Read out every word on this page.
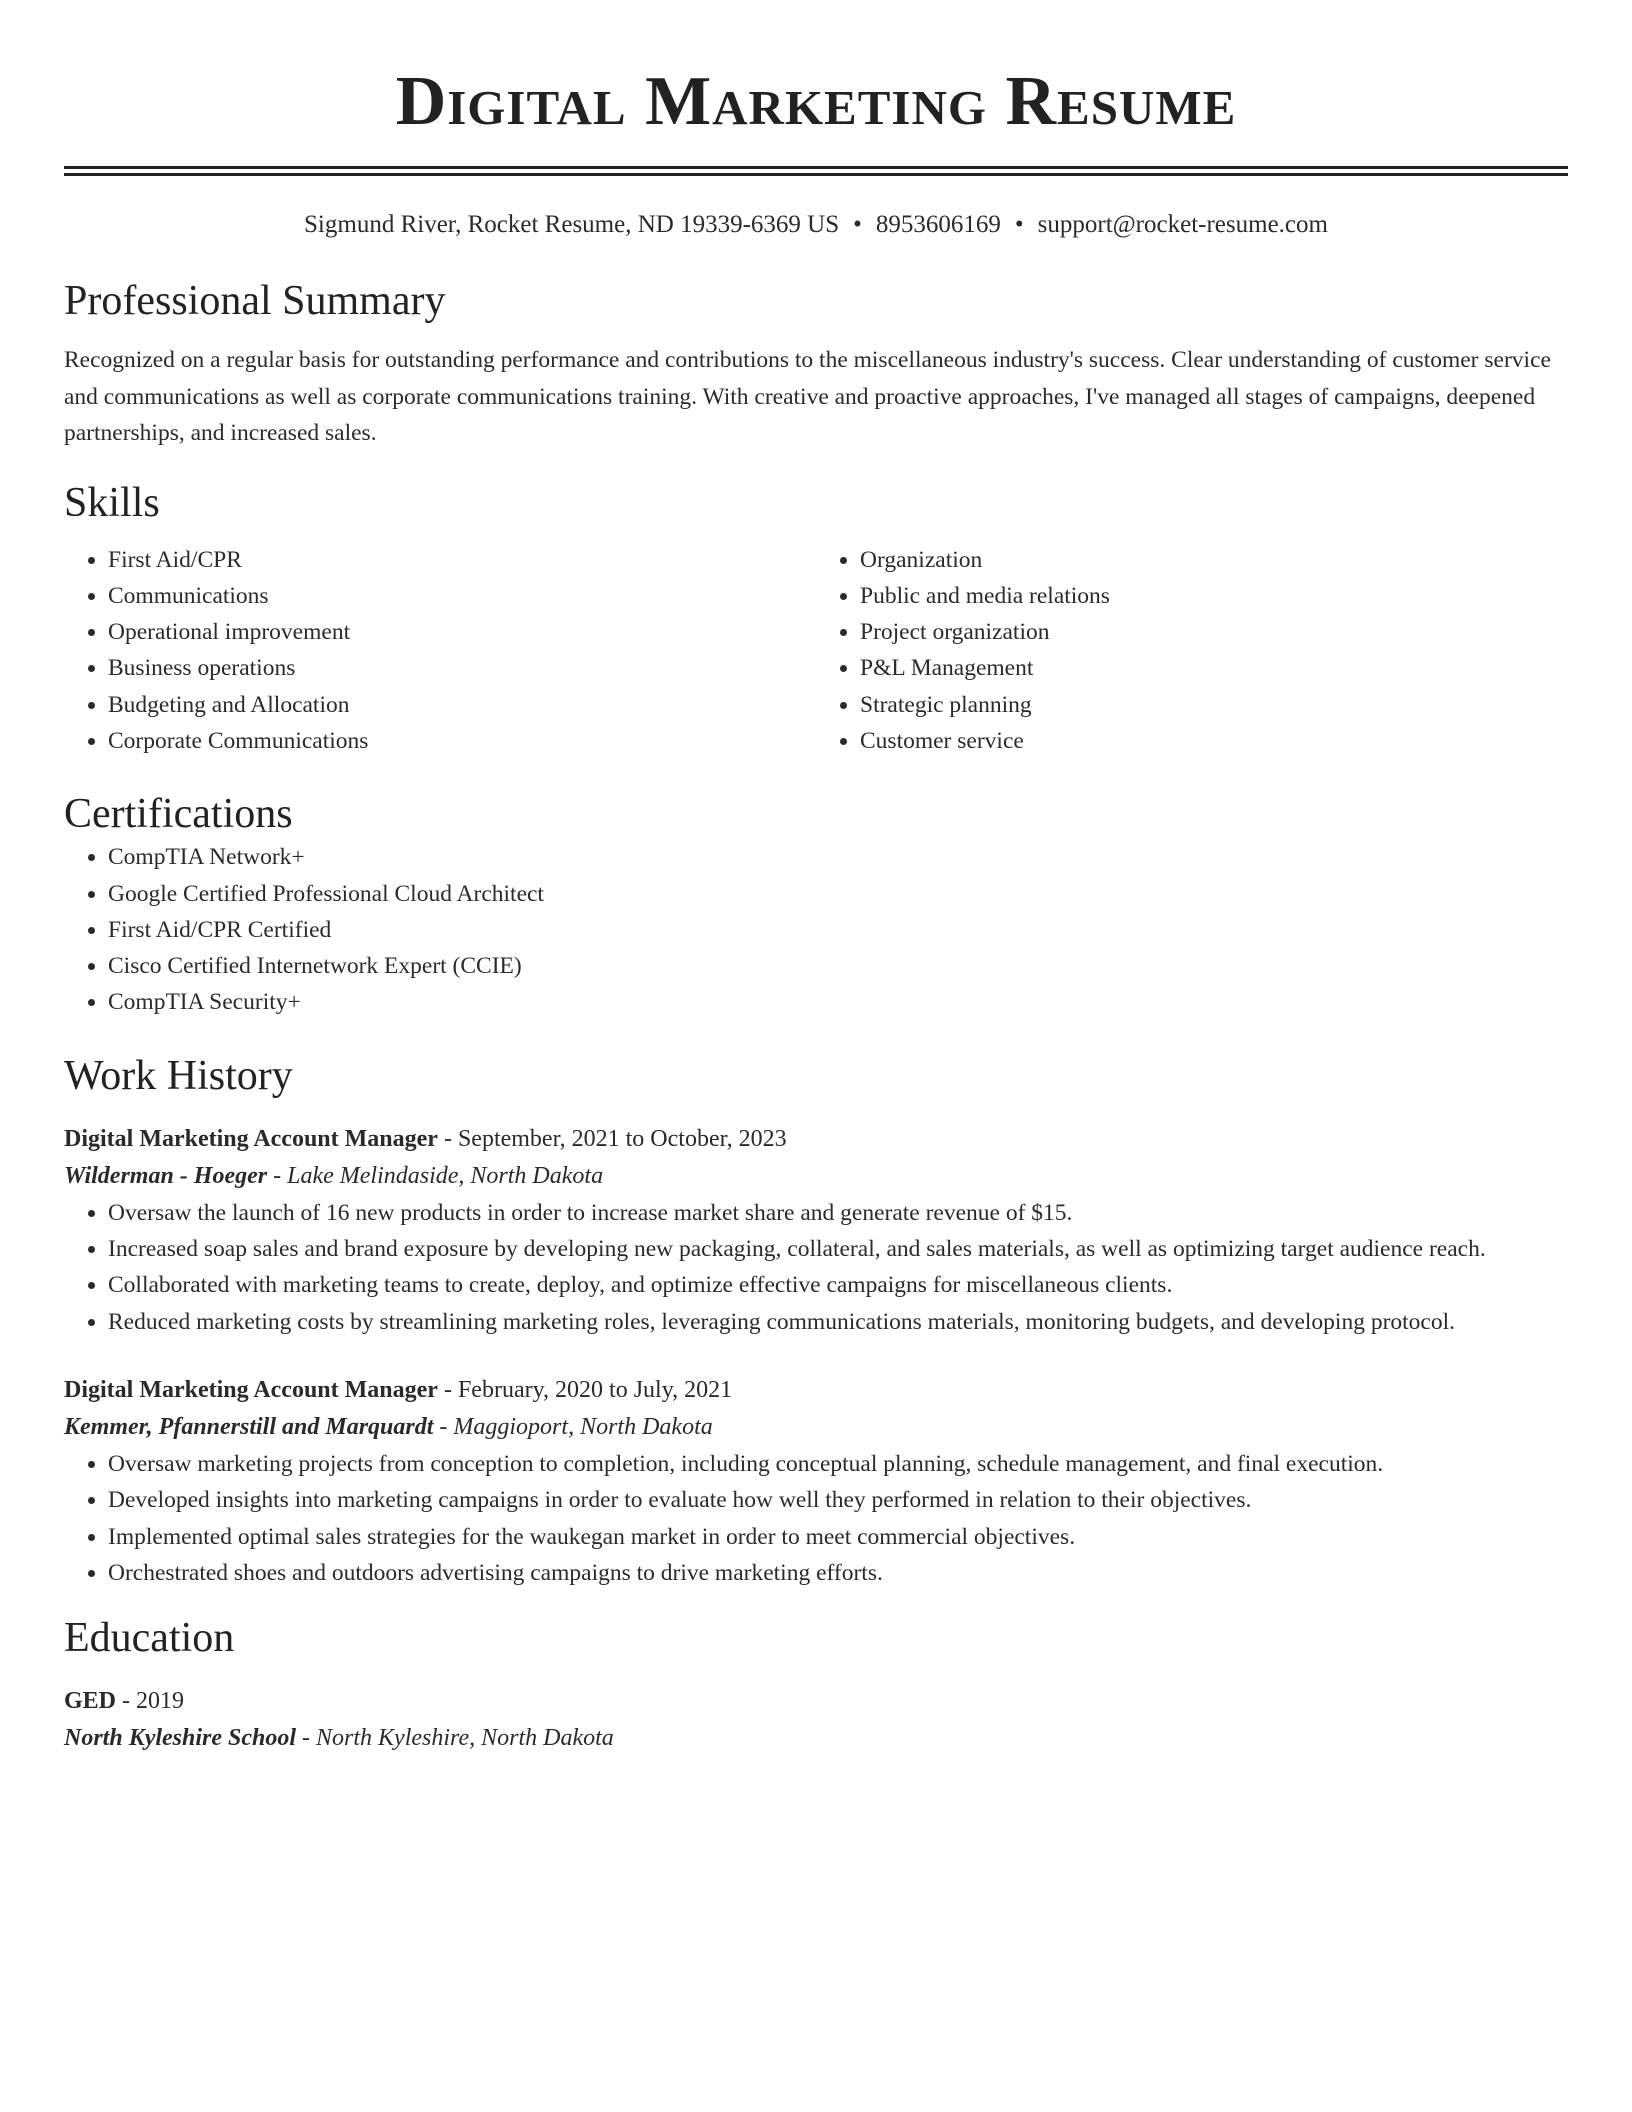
Digital Marketing Resume
Sigmund River, Rocket Resume, ND 19339-6369 US • 8953606169 • support@rocket-resume.com
Professional Summary
Recognized on a regular basis for outstanding performance and contributions to the miscellaneous industry's success. Clear understanding of customer service and communications as well as corporate communications training. With creative and proactive approaches, I've managed all stages of campaigns, deepened partnerships, and increased sales.
Skills
• First Aid/CPR
• Communications
• Operational improvement
• Business operations
• Budgeting and Allocation
• Corporate Communications
• Organization
• Public and media relations
• Project organization
• P&L Management
• Strategic planning
• Customer service
Certifications
• CompTIA Network+
• Google Certified Professional Cloud Architect
• First Aid/CPR Certified
• Cisco Certified Internetwork Expert (CCIE)
• CompTIA Security+
Work History
Digital Marketing Account Manager - September, 2021 to October, 2023
Wilderman - Hoeger - Lake Melindaside, North Dakota
• Oversaw the launch of 16 new products in order to increase market share and generate revenue of $15.
• Increased soap sales and brand exposure by developing new packaging, collateral, and sales materials, as well as optimizing target audience reach.
• Collaborated with marketing teams to create, deploy, and optimize effective campaigns for miscellaneous clients.
• Reduced marketing costs by streamlining marketing roles, leveraging communications materials, monitoring budgets, and developing protocol.
Digital Marketing Account Manager - February, 2020 to July, 2021
Kemmer, Pfannerstill and Marquardt - Maggioport, North Dakota
• Oversaw marketing projects from conception to completion, including conceptual planning, schedule management, and final execution.
• Developed insights into marketing campaigns in order to evaluate how well they performed in relation to their objectives.
• Implemented optimal sales strategies for the waukegan market in order to meet commercial objectives.
• Orchestrated shoes and outdoors advertising campaigns to drive marketing efforts.
Education
GED - 2019
North Kyleshire School - North Kyleshire, North Dakota
